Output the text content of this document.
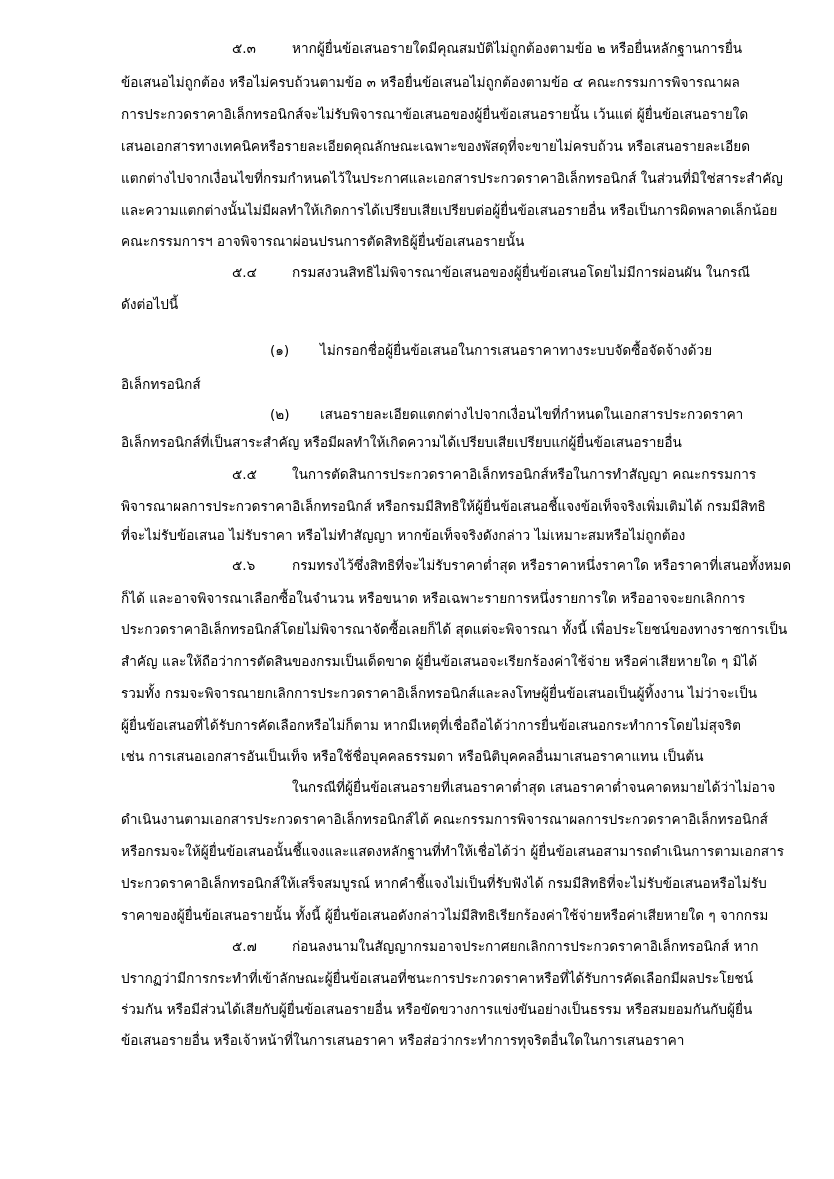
๕.๓	หากผู้ยื่นข้อเสนอรายใดมีคุณสมบัติไม่ถูกต้องตามข้อ ๒ หรือยื่นหลักฐานการยื่น
ข้อเสนอไม่ถูกต้อง หรือไม่ครบถ้วนตามข้อ ๓ หรือยื่นข้อเสนอไม่ถูกต้องตามข้อ ๔ คณะกรรมการพิจารณาผล
การประกวดราคาอิเล็กทรอนิกส์จะไม่รับพิจารณาข้อเสนอของผู้ยื่นข้อเสนอรายนั้น เว้นแต่ ผู้ยื่นข้อเสนอรายใด
เสนอเอกสารทางเทคนิคหรือรายละเอียดคุณลักษณะเฉพาะของพัสดุที่จะขายไม่ครบถ้วน หรือเสนอรายละเอียด
แตกต่างไปจากเงื่อนไขที่กรมกำหนดไว้ในประกาศและเอกสารประกวดราคาอิเล็กทรอนิกส์ ในส่วนที่มิใช่สาระสำคัญ
และความแตกต่างนั้นไม่มีผลทำให้เกิดการได้เปรียบเสียเปรียบต่อผู้ยื่นข้อเสนอรายอื่น หรือเป็นการผิดพลาดเล็กน้อย
คณะกรรมการฯ อาจพิจารณาผ่อนปรนการตัดสิทธิผู้ยื่นข้อเสนอรายนั้น
๕.๔	กรมสงวนสิทธิไม่พิจารณาข้อเสนอของผู้ยื่นข้อเสนอโดยไม่มีการผ่อนผัน ในกรณี
ดังต่อไปนี้
(๑) ไม่กรอกชื่อผู้ยื่นข้อเสนอในการเสนอราคาทางระบบจัดซื้อจัดจ้างด้วย
อิเล็กทรอนิกส์
(๒) เสนอรายละเอียดแตกต่างไปจากเงื่อนไขที่กำหนดในเอกสารประกวดราคา
อิเล็กทรอนิกส์ที่เป็นสาระสำคัญ หรือมีผลทำให้เกิดความได้เปรียบเสียเปรียบแก่ผู้ยื่นข้อเสนอรายอื่น
๕.๕	ในการตัดสินการประกวดราคาอิเล็กทรอนิกส์หรือในการทำสัญญา คณะกรรมการ
พิจารณาผลการประกวดราคาอิเล็กทรอนิกส์ หรือกรมมีสิทธิให้ผู้ยื่นข้อเสนอชี้แจงข้อเท็จจริงเพิ่มเติมได้ กรมมีสิทธิ
ที่จะไม่รับข้อเสนอ ไม่รับราคา หรือไม่ทำสัญญา หากข้อเท็จจริงดังกล่าว ไม่เหมาะสมหรือไม่ถูกต้อง
๕.๖	กรมทรงไว้ซึ่งสิทธิที่จะไม่รับราคาต่ำสุด หรือราคาหนึ่งราคาใด หรือราคาที่เสนอทั้งหมด
ก็ได้ และอาจพิจารณาเลือกซื้อในจำนวน หรือขนาด หรือเฉพาะรายการหนึ่งรายการใด หรืออาจจะยกเลิกการ
ประกวดราคาอิเล็กทรอนิกส์โดยไม่พิจารณาจัดซื้อเลยก็ได้ สุดแต่จะพิจารณา ทั้งนี้ เพื่อประโยชน์ของทางราชการเป็น
สำคัญ และให้ถือว่าการตัดสินของกรมเป็นเด็ดขาด ผู้ยื่นข้อเสนอจะเรียกร้องค่าใช้จ่าย หรือค่าเสียหายใด ๆ มิได้
รวมทั้ง กรมจะพิจารณายกเลิกการประกวดราคาอิเล็กทรอนิกส์และลงโทษผู้ยื่นข้อเสนอเป็นผู้ทิ้งงาน ไม่ว่าจะเป็น
ผู้ยื่นข้อเสนอที่ได้รับการคัดเลือกหรือไม่ก็ตาม หากมีเหตุที่เชื่อถือได้ว่าการยื่นข้อเสนอกระทำการโดยไม่สุจริต
เช่น การเสนอเอกสารอันเป็นเท็จ หรือใช้ชื่อบุคคลธรรมดา หรือนิติบุคคลอื่นมาเสนอราคาแทน เป็นต้น
ในกรณีที่ผู้ยื่นข้อเสนอรายที่เสนอราคาต่ำสุด เสนอราคาต่ำจนคาดหมายได้ว่าไม่อาจ
ดำเนินงานตามเอกสารประกวดราคาอิเล็กทรอนิกส์ได้ คณะกรรมการพิจารณาผลการประกวดราคาอิเล็กทรอนิกส์
หรือกรมจะให้ผู้ยื่นข้อเสนอนั้นชี้แจงและแสดงหลักฐานที่ทำให้เชื่อได้ว่า ผู้ยื่นข้อเสนอสามารถดำเนินการตามเอกสาร
ประกวดราคาอิเล็กทรอนิกส์ให้เสร็จสมบูรณ์ หากคำชี้แจงไม่เป็นที่รับฟังได้ กรมมีสิทธิที่จะไม่รับข้อเสนอหรือไม่รับ
ราคาของผู้ยื่นข้อเสนอรายนั้น ทั้งนี้ ผู้ยื่นข้อเสนอดังกล่าวไม่มีสิทธิเรียกร้องค่าใช้จ่ายหรือค่าเสียหายใด ๆ จากกรม
๕.๗	ก่อนลงนามในสัญญากรมอาจประกาศยกเลิกการประกวดราคาอิเล็กทรอนิกส์ หาก
ปรากฏว่ามีการกระทำที่เข้าลักษณะผู้ยื่นข้อเสนอที่ชนะการประกวดราคาหรือที่ได้รับการคัดเลือกมีผลประโยชน์
ร่วมกัน หรือมีส่วนได้เสียกับผู้ยื่นข้อเสนอรายอื่น หรือขัดขวางการแข่งขันอย่างเป็นธรรม หรือสมยอมกันกับผู้ยื่น
ข้อเสนอรายอื่น หรือเจ้าหน้าที่ในการเสนอราคา หรือส่อว่ากระทำการทุจริตอื่นใดในการเสนอราคา
